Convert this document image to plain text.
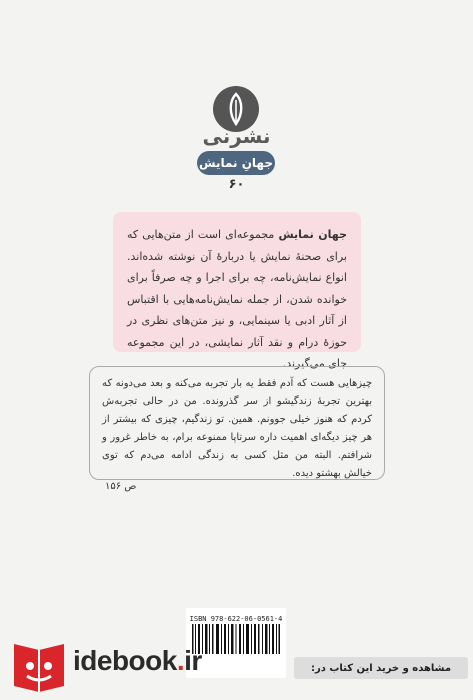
نشرنی
جهانِ نمایش
۶۰
جهان نمایش مجموعه‌ای است از متن‌هایی که برای صحنهٔ نمایش یا دربارهٔ آن نوشته شده‌اند. انواع نمایش‌نامه، چه برای اجرا و چه صرفاً برای خوانده شدن، از جمله نمایش‌نامه‌هایی با اقتباس از آثار ادبی یا سینمایی، و نیز متن‌های نظری در حوزهٔ درام و نقد آثار نمایشی، در این مجموعه جای می‌گیرند.
چیزهایی هست که آدم فقط یه بار تجربه می‌کنه و بعد می‌دونه که بهترین تجربهٔ زندگیشو از سر گذرونده. من در حالی تجربه‌ش کردم که هنوز خیلی جوونم. همین. تو زندگیم، چیزی که بیشتر از هر چیز دیگه‌ای اهمیت داره سرتاپا ممنوعه برام، به خاطر غرور و شرافتم. البته من مثل کسی به زندگی ادامه می‌دم که توی خیالش بهشتو دیده.
ص ۱۵۶
ISBN 978-622-06-0561-4
idebook.ir	مشاهده و خرید این کتاب در:
